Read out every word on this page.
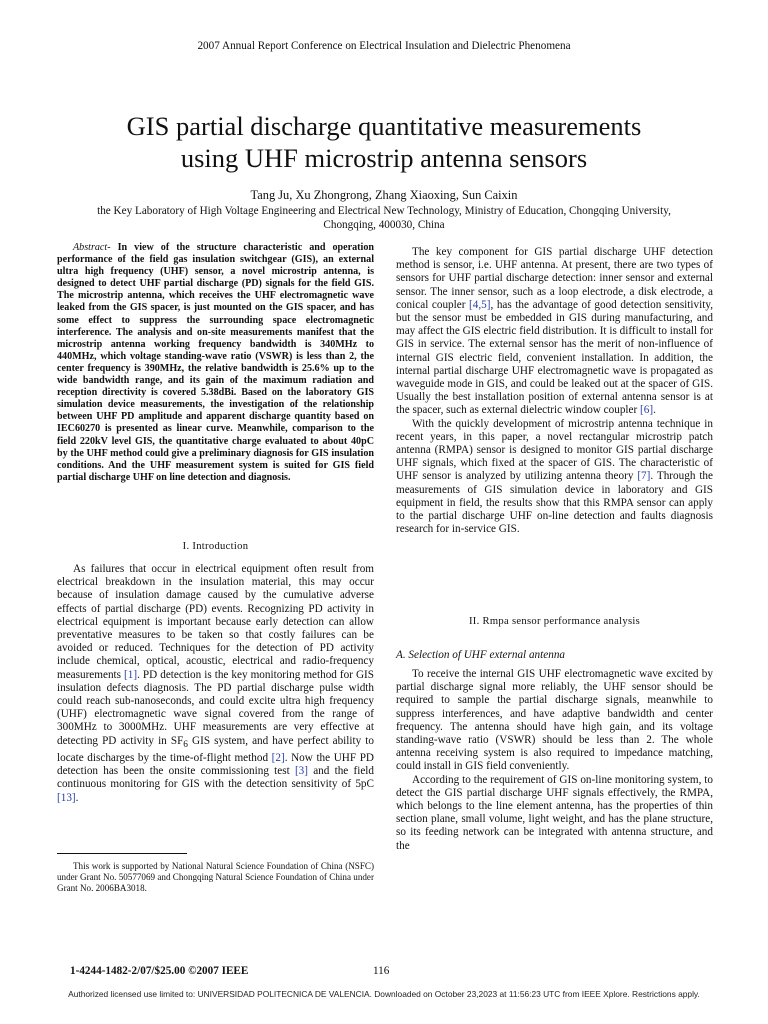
2007 Annual Report Conference on Electrical Insulation and Dielectric Phenomena
GIS partial discharge quantitative measurements
using UHF microstrip antenna sensors
Tang Ju, Xu Zhongrong, Zhang Xiaoxing, Sun Caixin
the Key Laboratory of High Voltage Engineering and Electrical New Technology, Ministry of Education, Chongqing University,
Chongqing, 400030, China

Abstract- In view of the structure characteristic and operation performance of the field gas insulation switchgear (GIS), an external ultra high frequency (UHF) sensor, a novel microstrip antenna, is designed to detect UHF partial discharge (PD) signals for the field GIS. The microstrip antenna, which receives the UHF electromagnetic wave leaked from the GIS spacer, is just mounted on the GIS spacer, and has some effect to suppress the surrounding space electromagnetic interference. The analysis and on-site measurements manifest that the microstrip antenna working frequency bandwidth is 340MHz to 440MHz, which voltage standing-wave ratio (VSWR) is less than 2, the center frequency is 390MHz, the relative bandwidth is 25.6% up to the wide bandwidth range, and its gain of the maximum radiation and reception directivity is covered 5.38dBi. Based on the laboratory GIS simulation device measurements, the investigation of the relationship between UHF PD amplitude and apparent discharge quantity based on IEC60270 is presented as linear curve. Meanwhile, comparison to the field 220kV level GIS, the quantitative charge evaluated to about 40pC by the UHF method could give a preliminary diagnosis for GIS insulation conditions. And the UHF measurement system is suited for GIS field partial discharge UHF on line detection and diagnosis.

I. Introduction

As failures that occur in electrical equipment often result from electrical breakdown in the insulation material, this may occur because of insulation damage caused by the cumulative adverse effects of partial discharge (PD) events. Recognizing PD activity in electrical equipment is important because early detection can allow preventative measures to be taken so that costly failures can be avoided or reduced. Techniques for the detection of PD activity include chemical, optical, acoustic, electrical and radio-frequency measurements [1]. PD detection is the key monitoring method for GIS insulation defects diagnosis. The PD partial discharge pulse width could reach sub-nanoseconds, and could excite ultra high frequency (UHF) electromagnetic wave signal covered from the range of 300MHz to 3000MHz. UHF measurements are very effective at detecting PD activity in $SF_6$ GIS system, and have perfect ability to locate discharges by the time-of-flight method [2]. Now the UHF PD detection has been the onsite commissioning test [3] and the field continuous monitoring for GIS with the detection sensitivity of 5pC [13].

This work is supported by National Natural Science Foundation of China (NSFC) under Grant No. 50577069 and Chongqing Natural Science Foundation of China under Grant No. 2006BA3018.

The key component for GIS partial discharge UHF detection method is sensor, i.e. UHF antenna. At present, there are two types of sensors for UHF partial discharge detection: inner sensor and external sensor. The inner sensor, such as a loop electrode, a disk electrode, a conical coupler [4,5], has the advantage of good detection sensitivity, but the sensor must be embedded in GIS during manufacturing, and may affect the GIS electric field distribution. It is difficult to install for GIS in service. The external sensor has the merit of non-influence of internal GIS electric field, convenient installation. In addition, the internal partial discharge UHF electromagnetic wave is propagated as waveguide mode in GIS, and could be leaked out at the spacer of GIS. Usually the best installation position of external antenna sensor is at the spacer, such as external dielectric window coupler [6].

With the quickly development of microstrip antenna technique in recent years, in this paper, a novel rectangular microstrip patch antenna (RMPA) sensor is designed to monitor GIS partial discharge UHF signals, which fixed at the spacer of GIS. The characteristic of UHF sensor is analyzed by utilizing antenna theory [7]. Through the measurements of GIS simulation device in laboratory and GIS equipment in field, the results show that this RMPA sensor can apply to the partial discharge UHF on-line detection and faults diagnosis research for in-service GIS.

II. Rmpa sensor performance analysis
A. Selection of UHF external antenna

To receive the internal GIS UHF electromagnetic wave excited by partial discharge signal more reliably, the UHF sensor should be required to sample the partial discharge signals, meanwhile to suppress interferences, and have adaptive bandwidth and center frequency. The antenna should have high gain, and its voltage standing-wave ratio (VSWR) should be less than 2. The whole antenna receiving system is also required to impedance matching, could install in GIS field conveniently.

According to the requirement of GIS on-line monitoring system, to detect the GIS partial discharge UHF signals effectively, the RMPA, which belongs to the line element antenna, has the properties of thin section plane, small volume, light weight, and has the plane structure, so its feeding network can be integrated with antenna structure, and the

1-4244-1482-2/07/$25.00 ©2007 IEEE	116
Authorized licensed use limited to: UNIVERSIDAD POLITECNICA DE VALENCIA. Downloaded on October 23,2023 at 11:56:23 UTC from IEEE Xplore. Restrictions apply.
